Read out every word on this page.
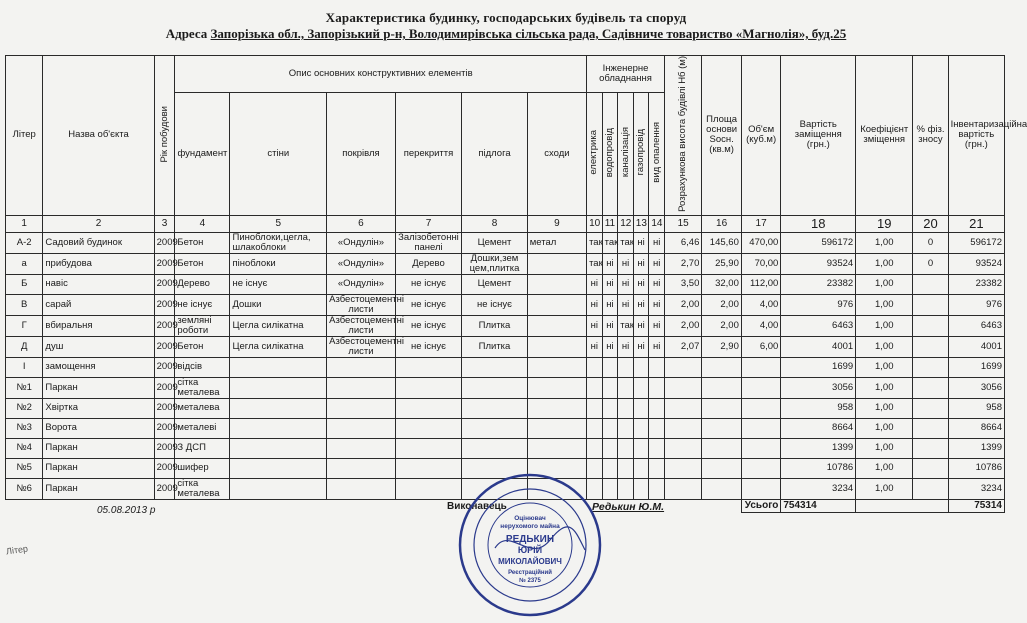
Характеристика будинку, господарських будівель та споруд
Адреса Запорізька обл., Запорізький р-н, Володимирівська сільська рада, Садівниче товариство «Магнолія», буд.25
Літер	Назва об'єкта	Рік побудови	Опис основних конструктивних елементів						Інженерне обладнання					Розрахункова висота будівлі Нб (м)	Площа основи Sосн. (кв.м)	Об'єм (куб.м)	Вартість заміщення (грн.)	Коефіцієнт зміщення	% фіз. зносу	Інвентаризаційна вартість (грн.)
			фундамент	стіни	покрівля	перекриття	підлога	сходи	електрика	водопровід	каналізація	газопровід	вид опалення							
1	2	3	4	5	6	7	8	9	10	11	12	13	14	15	16	17	18	19	20	21
А-2	Садовий будинок	2009	Бетон	Пиноблоки,цегла, шлакоблоки	«Ондулін»	Залізобетонні панелі	Цемент	метал	так	так	так	ні	ні	6,46	145,60	470,00	596172	1,00	0	596172
а	прибудова	2009	Бетон	піноблоки	«Ондулін»	Дерево	Дошки,зем цем,плитка		так	ні	ні	ні	ні	2,70	25,90	70,00	93524	1,00	0	93524
Б	навіс	2009	Дерево	не існує	«Ондулін»	не існує	Цемент		ні	ні	ні	ні	ні	3,50	32,00	112,00	23382	1,00		23382
В	сарай	2009	не існує	Дошки	Азбестоцементні листи	не існує	не існує		ні	ні	ні	ні	ні	2,00	2,00	4,00	976	1,00		976
Г	вбиральня	2009	земляні роботи	Цегла силікатна	Азбестоцементні листи	не існує	Плитка		ні	ні	так	ні	ні	2,00	2,00	4,00	6463	1,00		6463
Д	душ	2009	Бетон	Цегла силікатна	Азбестоцементні листи	не існує	Плитка		ні	ні	ні	ні	ні	2,07	2,90	6,00	4001	1,00		4001
І	замощення	2009	відсів														1699	1,00		1699
№1	Паркан	2009	сітка металева														3056	1,00		3056
№2	Хвіртка	2009	металева														958	1,00		958
№3	Ворота	2009	металеві														8664	1,00		8664
№4	Паркан	2009	З ДСП														1399	1,00		1399
№5	Паркан	2009	шифер														10786	1,00		10786
№6	Паркан	2009	сітка металева														3234	1,00		3234
																Усього	754314			75314
05.08.2013 р	Виконавець	Редькин Ю.М.
Літер
Оцінювач
нерухомого майна
РЕДЬКИН
ЮРІЙ
МИКОЛАЙОВИЧ
Реєстраційний
№ 2375
